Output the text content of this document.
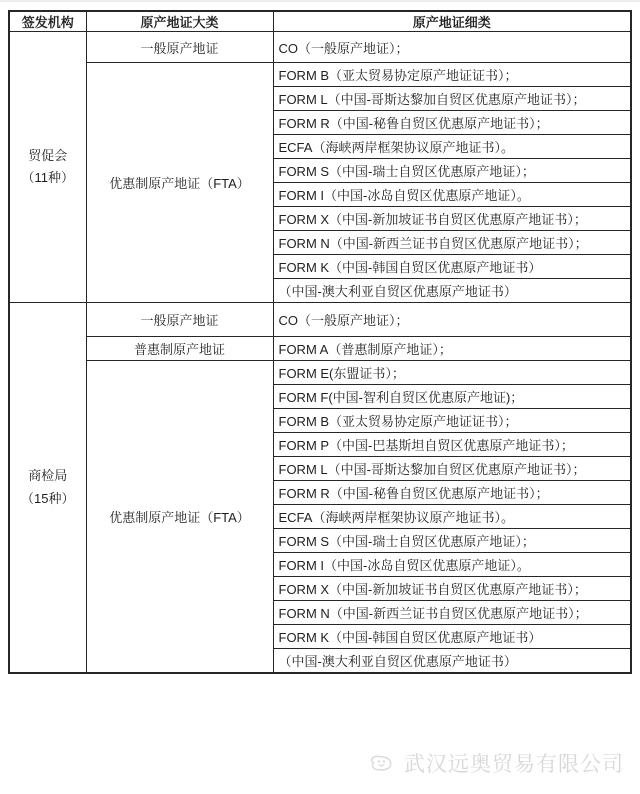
签发机构	原产地证大类	原产地证细类

贸促会
（11种）	一般原产地证	CO（一般原产地证）；
	优惠制原产地证（FTA）	FORM B（亚太贸易协定原产地证证书）；
		FORM L（中国-哥斯达黎加自贸区优惠原产地证书）；
		FORM R（中国-秘鲁自贸区优惠原产地证书）；
		ECFA（海峡两岸框架协议原产地证书）。
		FORM S（中国-瑞士自贸区优惠原产地证）；
		FORM I（中国-冰岛自贸区优惠原产地证）。
		FORM X（中国-新加坡证书自贸区优惠原产地证书）；
		FORM N（中国-新西兰证书自贸区优惠原产地证书）；
		FORM K（中国-韩国自贸区优惠原产地证书）
		（中国-澳大利亚自贸区优惠原产地证书）

商检局
（15种）	一般原产地证	CO（一般原产地证）；
	普惠制原产地证	FORM A（普惠制原产地证）；
	优惠制原产地证（FTA）	FORM E(东盟证书）；
		FORM F(中国-智利自贸区优惠原产地证)；
		FORM B（亚太贸易协定原产地证证书）；
		FORM P（中国-巴基斯坦自贸区优惠原产地证书）；
		FORM L（中国-哥斯达黎加自贸区优惠原产地证书）；
		FORM R（中国-秘鲁自贸区优惠原产地证书）；
		ECFA（海峡两岸框架协议原产地证书）。
		FORM S（中国-瑞士自贸区优惠原产地证）；
		FORM I（中国-冰岛自贸区优惠原产地证）。
		FORM X（中国-新加坡证书自贸区优惠原产地证书）；
		FORM N（中国-新西兰证书自贸区优惠原产地证书）；
		FORM K（中国-韩国自贸区优惠原产地证书）
		（中国-澳大利亚自贸区优惠原产地证书）
武汉远奥贸易有限公司
